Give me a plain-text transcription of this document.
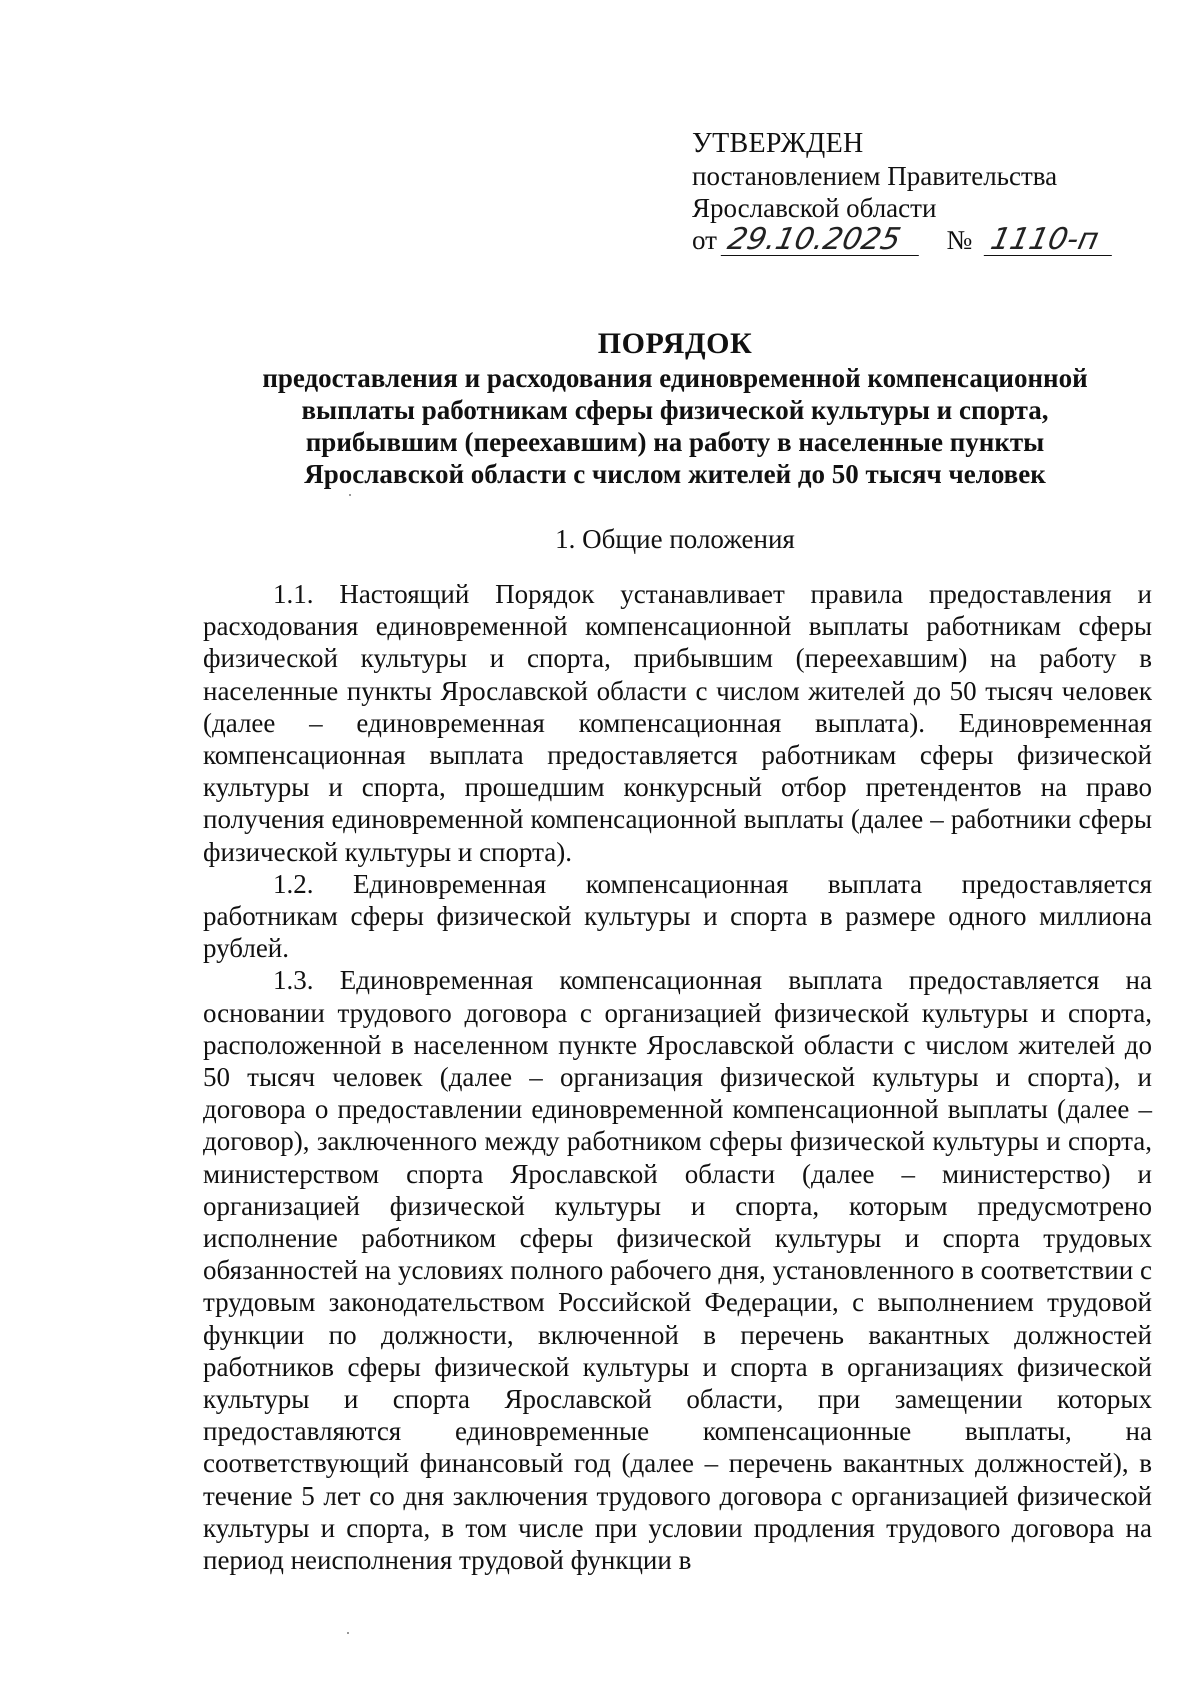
УТВЕРЖДЕН
постановлением Правительства
Ярославской области
от 29.10.2025 № 1110-п
ПОРЯДОК
предоставления и расходования единовременной компенсационной
выплаты работникам сферы физической культуры и спорта,
прибывшим (переехавшим) на работу в населенные пункты
Ярославской области с числом жителей до 50 тысяч человек
1. Общие положения

1.1. Настоящий Порядок устанавливает правила предоставления и расходования единовременной компенсационной выплаты работникам сферы физической культуры и спорта, прибывшим (переехавшим) на работу в населенные пункты Ярославской области с числом жителей до 50 тысяч человек (далее – единовременная компенсационная выплата). Единовременная компенсационная выплата предоставляется работникам сферы физической культуры и спорта, прошедшим конкурсный отбор претендентов на право получения единовременной компенсационной выплаты (далее – работники сферы физической культуры и спорта).

1.2. Единовременная компенсационная выплата предоставляется работникам сферы физической культуры и спорта в размере одного миллиона рублей.

1.3. Единовременная компенсационная выплата предоставляется на основании трудового договора с организацией физической культуры и спорта, расположенной в населенном пункте Ярославской области с числом жителей до 50 тысяч человек (далее – организация физической культуры и спорта), и договора о предоставлении единовременной компенсационной выплаты (далее – договор), заключенного между работником сферы физической культуры и спорта, министерством спорта Ярославской области (далее – министерство) и организацией физической культуры и спорта, которым предусмотрено исполнение работником сферы физической культуры и спорта трудовых обязанностей на условиях полного рабочего дня, установленного в соответствии с трудовым законодательством Российской Федерации, с выполнением трудовой функции по должности, включенной в перечень вакантных должностей работников сферы физической культуры и спорта в организациях физической культуры и спорта Ярославской области, при замещении которых предоставляются единовременные компенсационные выплаты, на соответствующий финансовый год (далее – перечень вакантных должностей), в течение 5 лет со дня заключения трудового договора с организацией физической культуры и спорта, в том числе при условии продления трудового договора на период неисполнения трудовой функции в
